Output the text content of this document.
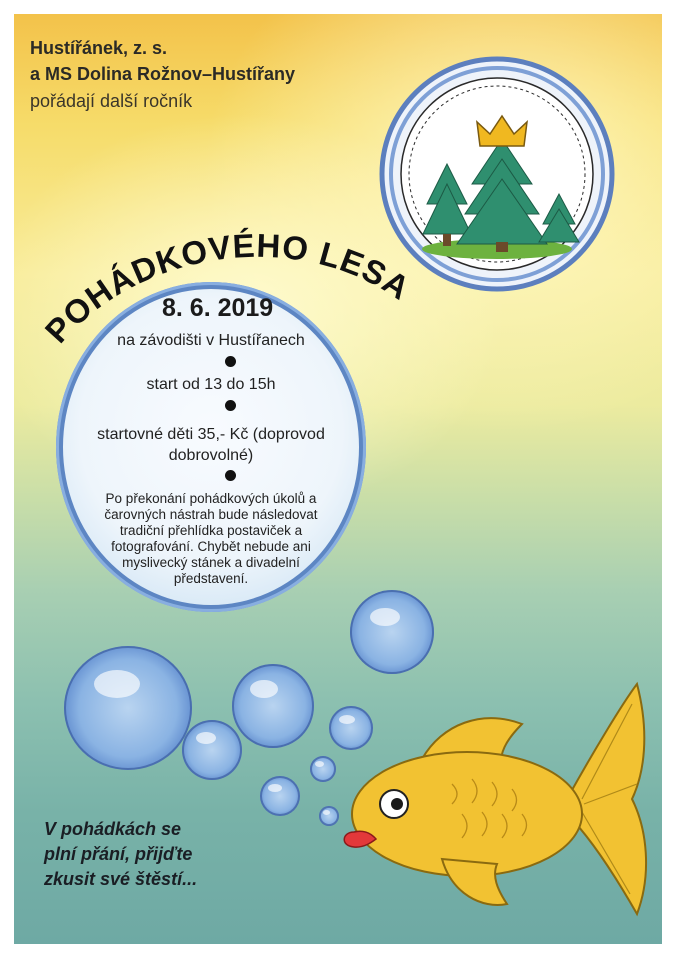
Hustířánek, z. s.
a MS Dolina Rožnov–Hustířany
pořádají další ročník
POHÁDKOVÉHO LESA
8. 6. 2019
na závodišti v Hustířanech
start od 13 do 15h
startovné děti 35,- Kč (doprovod dobrovolné)
Po překonání pohádkových úkolů a čarovných nástrah bude následovat tradiční přehlídka postaviček a fotografování. Chybět nebude ani myslivecký stánek a divadelní představení.
V pohádkách se
plní přání, přijďte
zkusit své štěstí...
